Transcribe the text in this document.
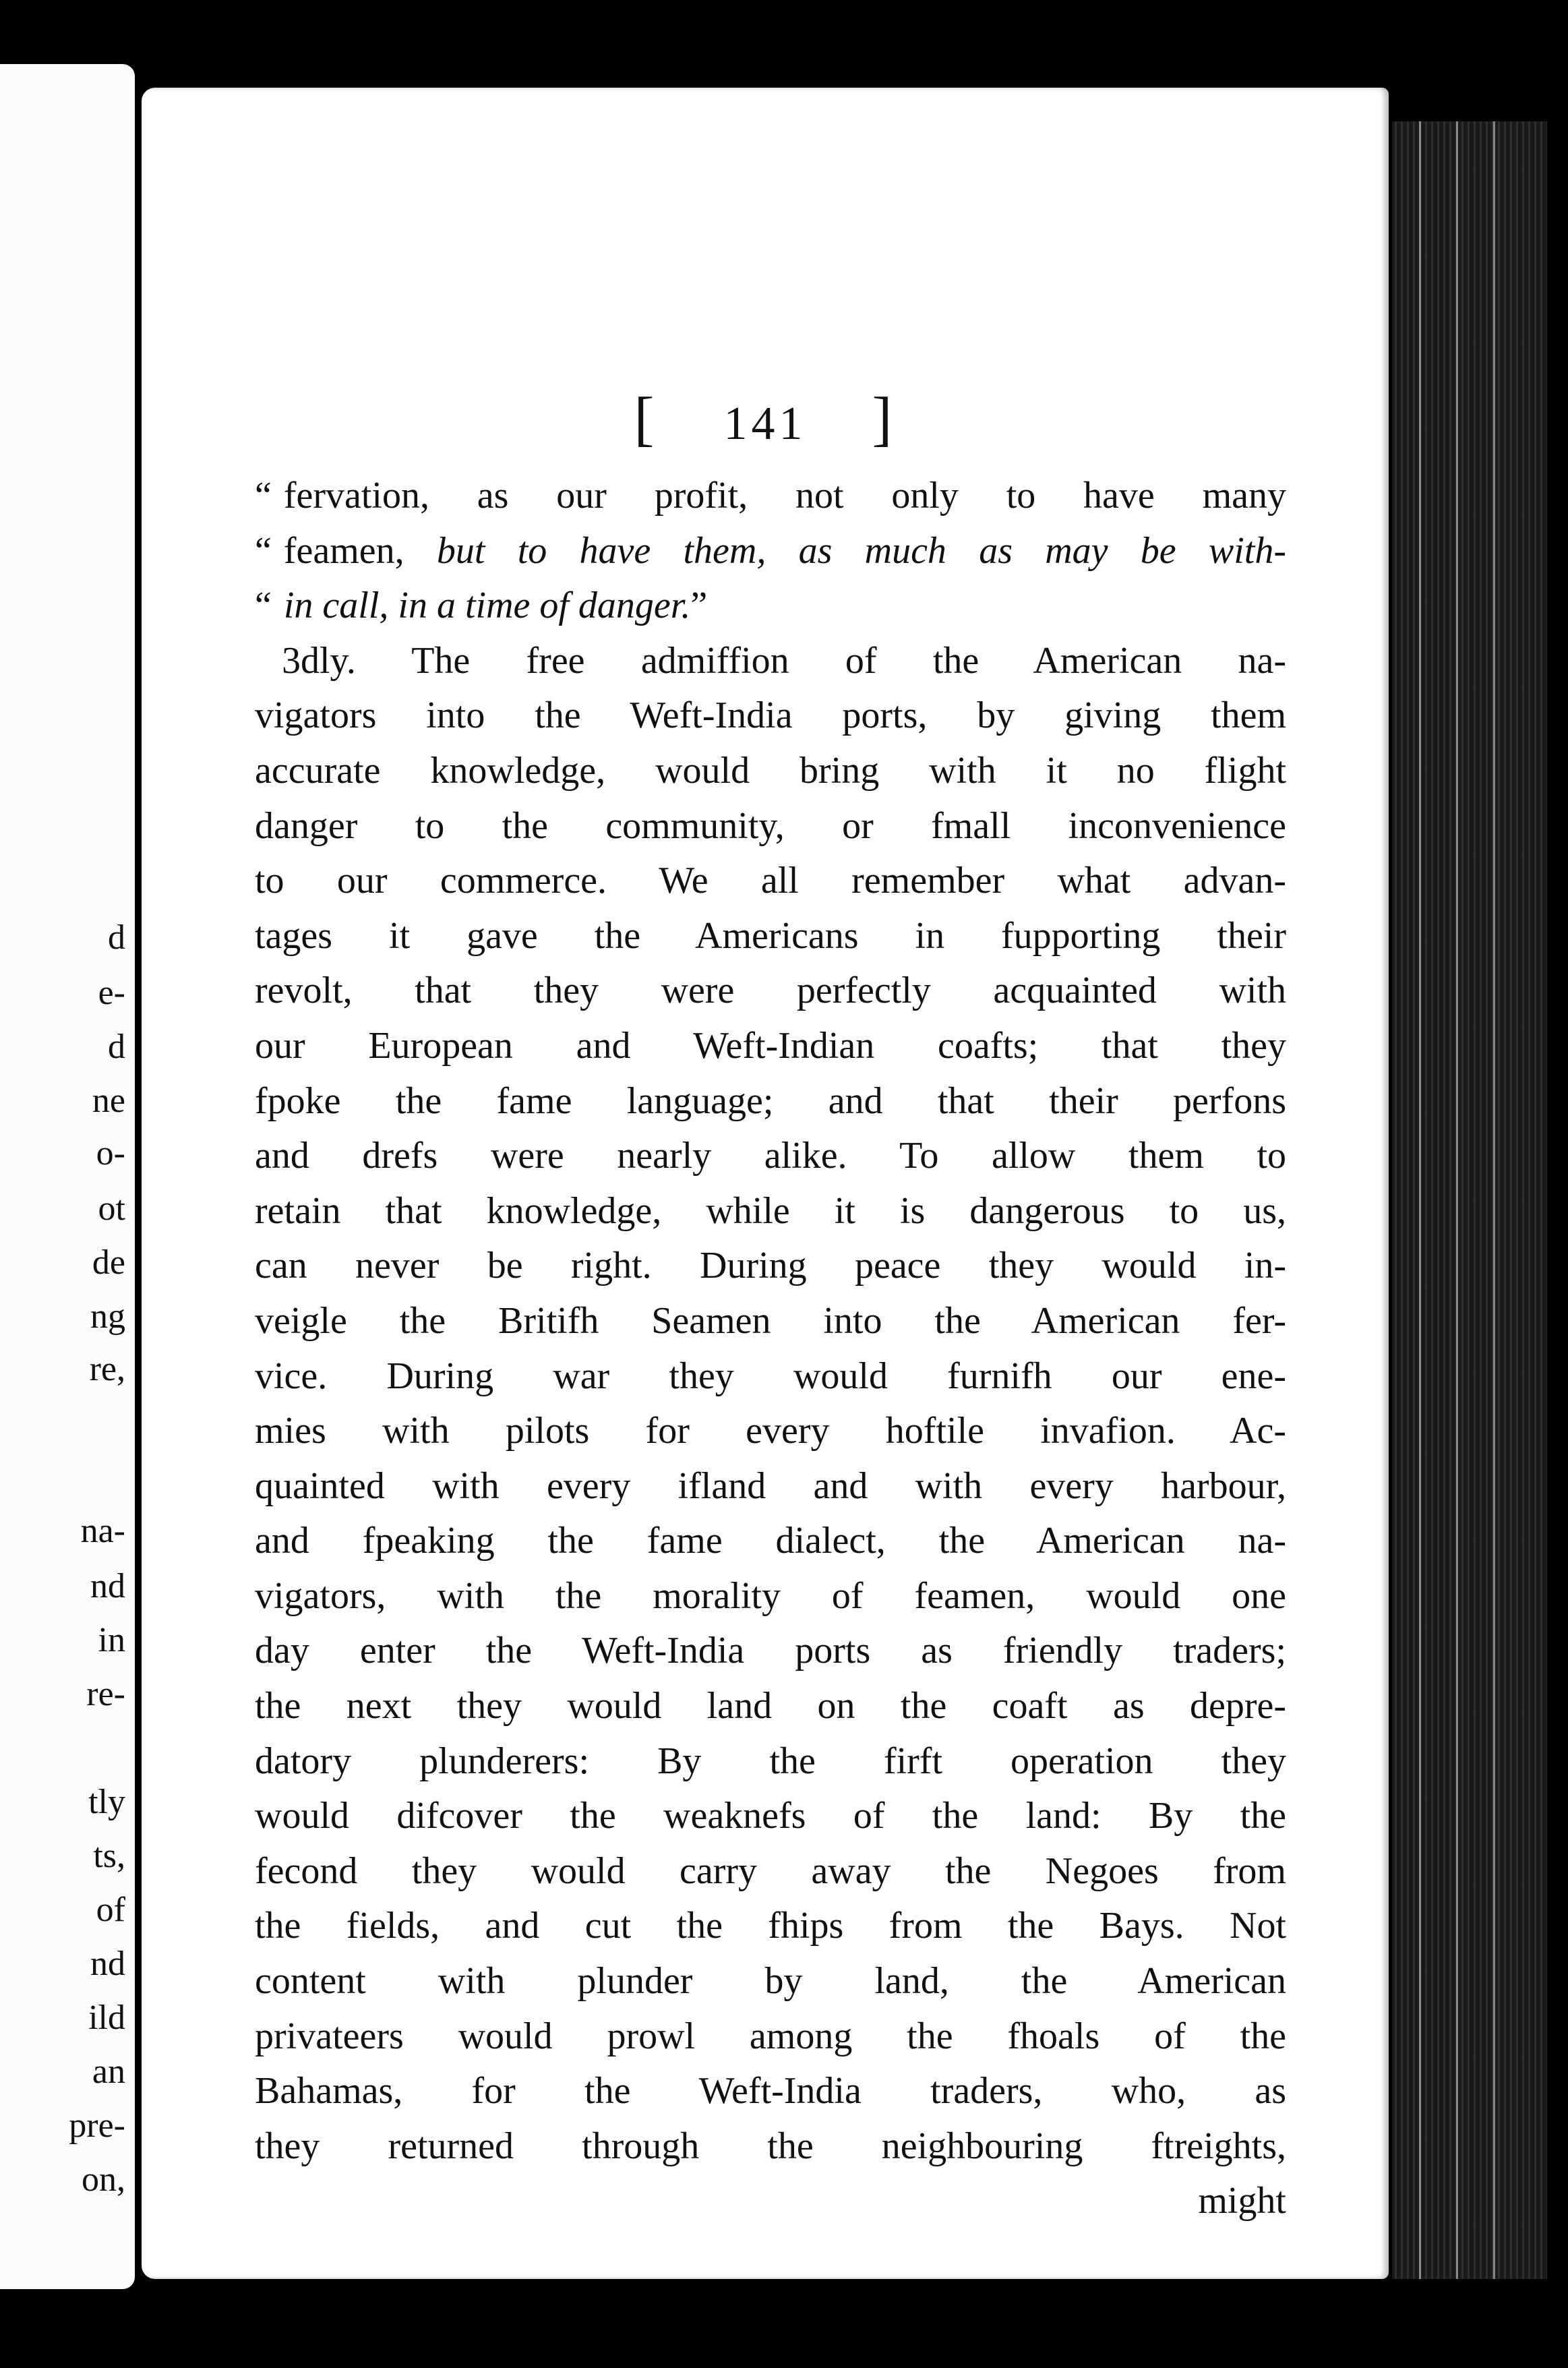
d
e-
d
ne
o-
ot
de
ng
re,
na-
nd
in
re-
tly
ts,
of
nd
ild
an
pre-
on,
[ 141 ]
“ fervation, as our profit, not only to have many
“ feamen, but to have them, as much as may be with-
“ in call, in a time of danger.”
3dly. The free admiffion of the American na-
vigators into the Weft-India ports, by giving them
accurate knowledge, would bring with it no flight
danger to the community, or fmall inconvenience
to our commerce. We all remember what advan-
tages it gave the Americans in fupporting their
revolt, that they were perfectly acquainted with
our European and Weft-Indian coafts; that they
fpoke the fame language; and that their perfons
and drefs were nearly alike. To allow them to
retain that knowledge, while it is dangerous to us,
can never be right. During peace they would in-
veigle the Britifh Seamen into the American fer-
vice. During war they would furnifh our ene-
mies with pilots for every hoftile invafion. Ac-
quainted with every ifland and with every harbour,
and fpeaking the fame dialect, the American na-
vigators, with the morality of feamen, would one
day enter the Weft-India ports as friendly traders;
the next they would land on the coaft as depre-
datory plunderers: By the firft operation they
would difcover the weaknefs of the land: By the
fecond they would carry away the Negoes from
the fields, and cut the fhips from the Bays. Not
content with plunder by land, the American
privateers would prowl among the fhoals of the
Bahamas, for the Weft-India traders, who, as
they returned through the neighbouring ftreights,
might
